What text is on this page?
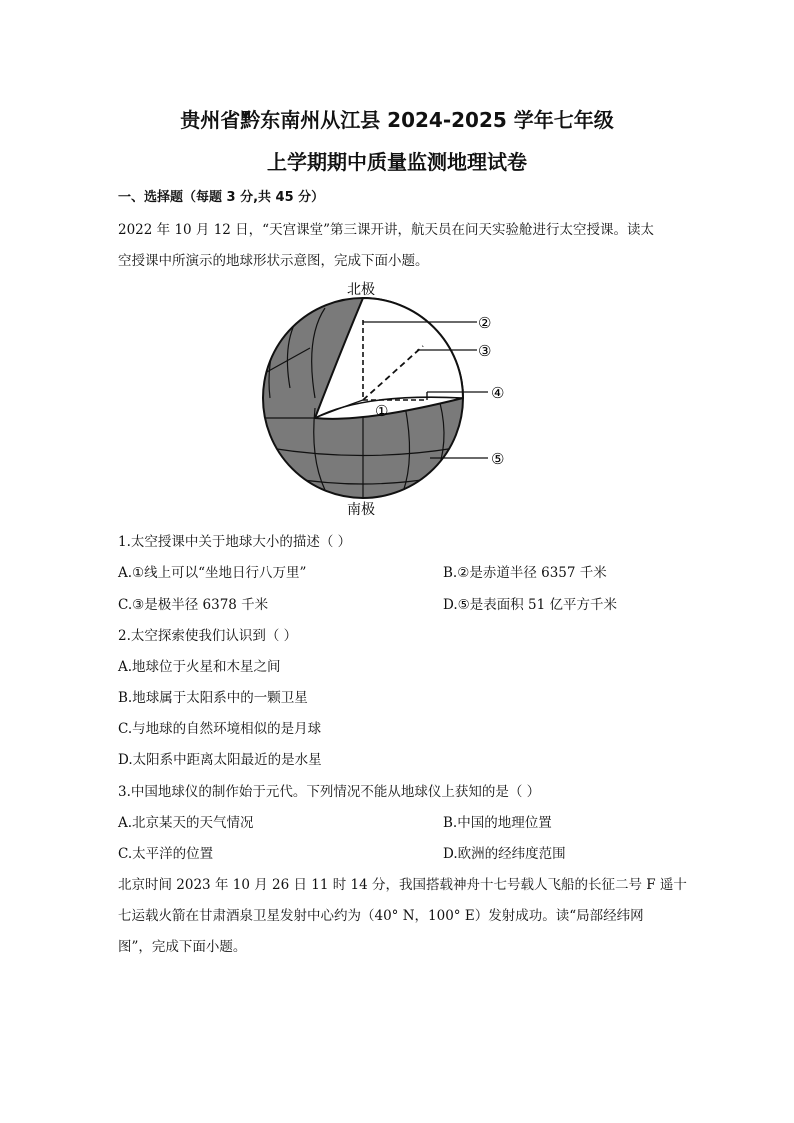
贵州省黔东南州从江县 2024-2025 学年七年级
上学期期中质量监测地理试卷
一、选择题（每题 3 分,共 45 分）
2022 年 10 月 12 日，“天宫课堂”第三课开讲，航天员在问天实验舱进行太空授课。读太
空授课中所演示的地球形状示意图，完成下面小题。
北极
南极
①
②
③
④
⑤
1.太空授课中关于地球大小的描述（ ）
A.①线上可以“坐地日行八万里”	B.②是赤道半径 6357 千米
C.③是极半径 6378 千米	D.⑤是表面积 51 亿平方千米
2.太空探索使我们认识到（ ）
A.地球位于火星和木星之间
B.地球属于太阳系中的一颗卫星
C.与地球的自然环境相似的是月球
D.太阳系中距离太阳最近的是水星
3.中国地球仪的制作始于元代。下列情况不能从地球仪上获知的是（ ）
A.北京某天的天气情况	B.中国的地理位置
C.太平洋的位置	D.欧洲的经纬度范围
北京时间 2023 年 10 月 26 日 11 时 14 分，我国搭载神舟十七号载人飞船的长征二号 F 遥十
七运载火箭在甘肃酒泉卫星发射中心约为（40° N，100° E）发射成功。读“局部经纬网
图”，完成下面小题。
